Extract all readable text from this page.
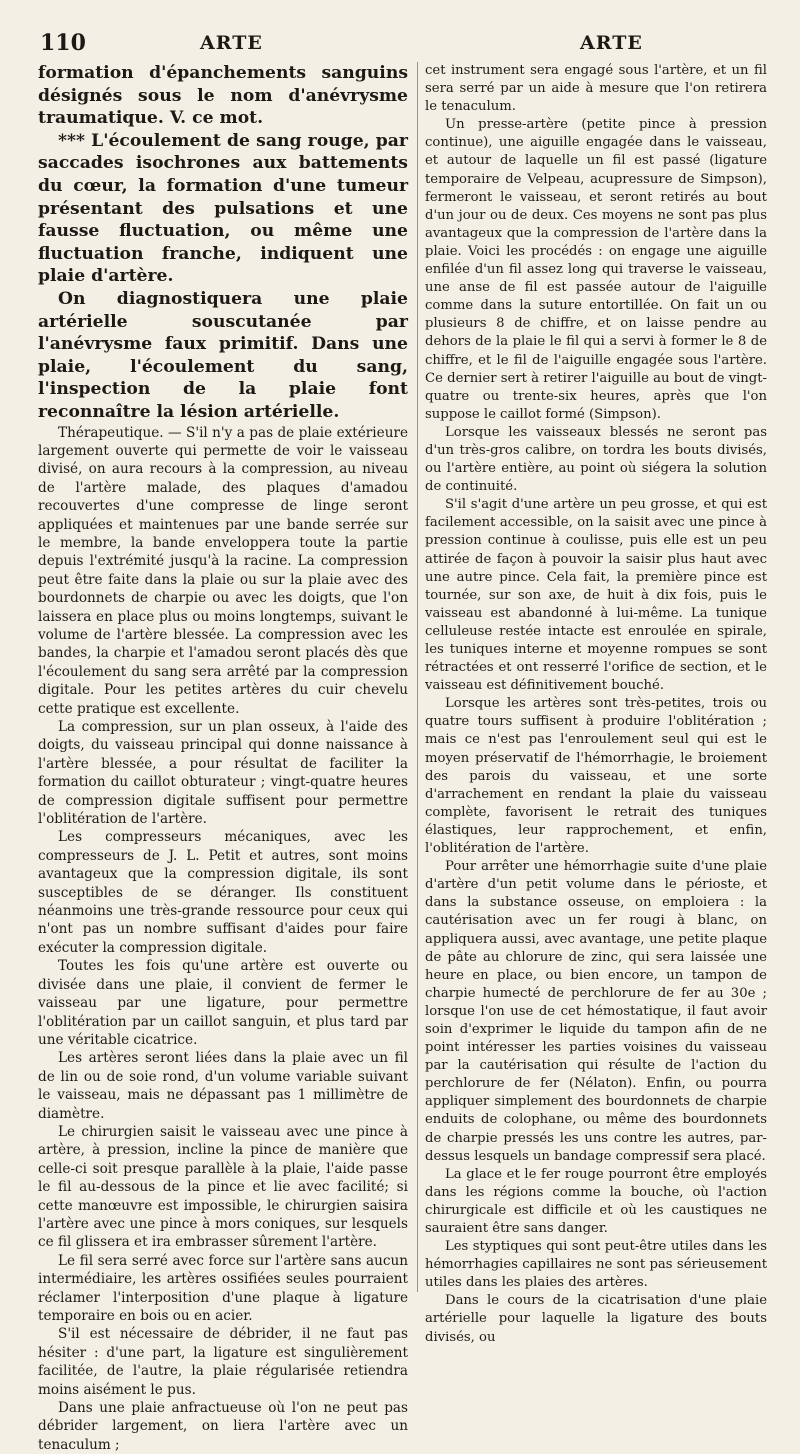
110	ARTE	ARTE

formation d'épanchements sanguins désignés sous le nom d'anévrysme traumatique. V. ce mot.

*** L'écoulement de sang rouge, par saccades isochrones aux battements du cœur, la formation d'une tumeur présentant des pulsations et une fausse fluctuation, ou même une fluctuation franche, indiquent une plaie d'artère.

On diagnostiquera une plaie artérielle souscutanée par l'anévrysme faux primitif. Dans une plaie, l'écoulement du sang, l'inspection de la plaie font reconnaître la lésion artérielle.

Thérapeutique. — S'il n'y a pas de plaie extérieure largement ouverte qui permette de voir le vaisseau divisé, on aura recours à la compression, au niveau de l'artère malade, des plaques d'amadou recouvertes d'une compresse de linge seront appliquées et maintenues par une bande serrée sur le membre, la bande enveloppera toute la partie depuis l'extrémité jusqu'à la racine. La compression peut être faite dans la plaie ou sur la plaie avec des bourdonnets de charpie ou avec les doigts, que l'on laissera en place plus ou moins longtemps, suivant le volume de l'artère blessée. La compression avec les bandes, la charpie et l'amadou seront placés dès que l'écoulement du sang sera arrêté par la compression digitale. Pour les petites artères du cuir chevelu cette pratique est excellente.

La compression, sur un plan osseux, à l'aide des doigts, du vaisseau principal qui donne naissance à l'artère blessée, a pour résultat de faciliter la formation du caillot obturateur ; vingt-quatre heures de compression digitale suffisent pour permettre l'oblitération de l'artère.

Les compresseurs mécaniques, avec les compresseurs de J. L. Petit et autres, sont moins avantageux que la compression digitale, ils sont susceptibles de se déranger. Ils constituent néanmoins une très-grande ressource pour ceux qui n'ont pas un nombre suffisant d'aides pour faire exécuter la compression digitale.

Toutes les fois qu'une artère est ouverte ou divisée dans une plaie, il convient de fermer le vaisseau par une ligature, pour permettre l'oblitération par un caillot sanguin, et plus tard par une véritable cicatrice.

Les artères seront liées dans la plaie avec un fil de lin ou de soie rond, d'un volume variable suivant le vaisseau, mais ne dépassant pas 1 millimètre de diamètre.

Le chirurgien saisit le vaisseau avec une pince à artère, à pression, incline la pince de manière que celle-ci soit presque parallèle à la plaie, l'aide passe le fil au-dessous de la pince et lie avec facilité; si cette manœuvre est impossible, le chirurgien saisira l'artère avec une pince à mors coniques, sur lesquels ce fil glissera et ira embrasser sûrement l'artère.

Le fil sera serré avec force sur l'artère sans aucun intermédiaire, les artères ossifiées seules pourraient réclamer l'interposition d'une plaque à ligature temporaire en bois ou en acier.

S'il est nécessaire de débrider, il ne faut pas hésiter : d'une part, la ligature est singulièrement facilitée, de l'autre, la plaie régularisée retiendra moins aisément le pus.

Dans une plaie anfractueuse où l'on ne peut pas débrider largement, on liera l'artère avec un tenaculum ;

cet instrument sera engagé sous l'artère, et un fil sera serré par un aide à mesure que l'on retirera le tenaculum.

Un presse-artère (petite pince à pression continue), une aiguille engagée dans le vaisseau, et autour de laquelle un fil est passé (ligature temporaire de Velpeau, acupressure de Simpson), fermeront le vaisseau, et seront retirés au bout d'un jour ou de deux. Ces moyens ne sont pas plus avantageux que la compression de l'artère dans la plaie. Voici les procédés : on engage une aiguille enfilée d'un fil assez long qui traverse le vaisseau, une anse de fil est passée autour de l'aiguille comme dans la suture entortillée. On fait un ou plusieurs 8 de chiffre, et on laisse pendre au dehors de la plaie le fil qui a servi à former le 8 de chiffre, et le fil de l'aiguille engagée sous l'artère. Ce dernier sert à retirer l'aiguille au bout de vingt-quatre ou trente-six heures, après que l'on suppose le caillot formé (Simpson).

Lorsque les vaisseaux blessés ne seront pas d'un très-gros calibre, on tordra les bouts divisés, ou l'artère entière, au point où siégera la solution de continuité.

S'il s'agit d'une artère un peu grosse, et qui est facilement accessible, on la saisit avec une pince à pression continue à coulisse, puis elle est un peu attirée de façon à pouvoir la saisir plus haut avec une autre pince. Cela fait, la première pince est tournée, sur son axe, de huit à dix fois, puis le vaisseau est abandonné à lui-même. La tunique celluleuse restée intacte est enroulée en spirale, les tuniques interne et moyenne rompues se sont rétractées et ont resserré l'orifice de section, et le vaisseau est définitivement bouché.

Lorsque les artères sont très-petites, trois ou quatre tours suffisent à produire l'oblitération ; mais ce n'est pas l'enroulement seul qui est le moyen préservatif de l'hémorrhagie, le broiement des parois du vaisseau, et une sorte d'arrachement en rendant la plaie du vaisseau complète, favorisent le retrait des tuniques élastiques, leur rapprochement, et enfin, l'oblitération de l'artère.

Pour arrêter une hémorrhagie suite d'une plaie d'artère d'un petit volume dans le périoste, et dans la substance osseuse, on emploiera : la cautérisation avec un fer rougi à blanc, on appliquera aussi, avec avantage, une petite plaque de pâte au chlorure de zinc, qui sera laissée une heure en place, ou bien encore, un tampon de charpie humecté de perchlorure de fer au 30e ; lorsque l'on use de cet hémostatique, il faut avoir soin d'exprimer le liquide du tampon afin de ne point intéresser les parties voisines du vaisseau par la cautérisation qui résulte de l'action du perchlorure de fer (Nélaton). Enfin, ou pourra appliquer simplement des bourdonnets de charpie enduits de colophane, ou même des bourdonnets de charpie pressés les uns contre les autres, par-dessus lesquels un bandage compressif sera placé.

La glace et le fer rouge pourront être employés dans les régions comme la bouche, où l'action chirurgicale est difficile et où les caustiques ne sauraient être sans danger.

Les styptiques qui sont peut-être utiles dans les hémorrhagies capillaires ne sont pas sérieusement utiles dans les plaies des artères.

Dans le cours de la cicatrisation d'une plaie artérielle pour laquelle la ligature des bouts divisés, ou
